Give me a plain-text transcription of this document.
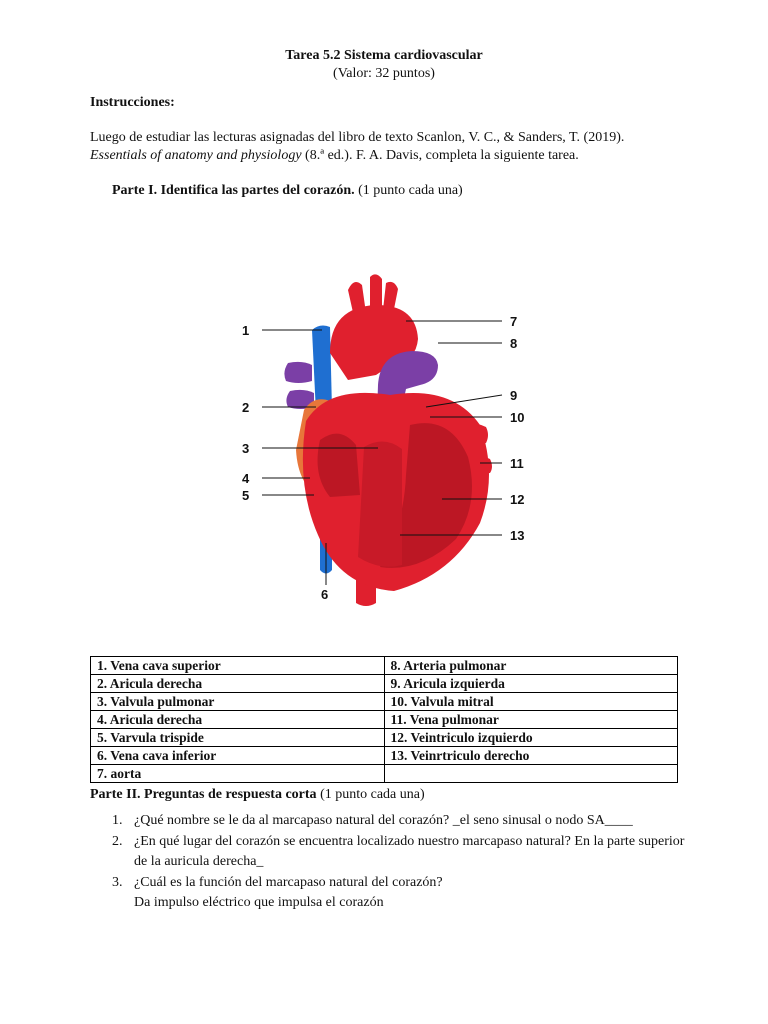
Tarea 5.2 Sistema cardiovascular
(Valor: 32 puntos)
Instrucciones:
Luego de estudiar las lecturas asignadas del libro de texto Scanlon, V. C., & Sanders, T. (2019).
Essentials of anatomy and physiology (8.ª ed.). F. A. Davis, completa la siguiente tarea.
Parte I. Identifica las partes del corazón. (1 punto cada una)
1
2
3
4
5
6
7
8
9
10
11
12
13
1. Vena cava superior	8. Arteria pulmonar
2. Aricula derecha	9. Aricula izquierda
3. Valvula pulmonar	10. Valvula mitral
4. Aricula derecha	11. Vena pulmonar
5. Varvula trispide	12. Veintriculo izquierdo
6. Vena cava inferior	13. Veinrtriculo derecho
7. aorta	
Parte II. Preguntas de respuesta corta (1 punto cada una)
1. ¿Qué nombre se le da al marcapaso natural del corazón? _el seno sinusal o nodo SA____
2. ¿En qué lugar del corazón se encuentra localizado nuestro marcapaso natural? En la parte superior de la auricula derecha_
3. ¿Cuál es la función del marcapaso natural del corazón?
Da impulso eléctrico que impulsa el corazón
